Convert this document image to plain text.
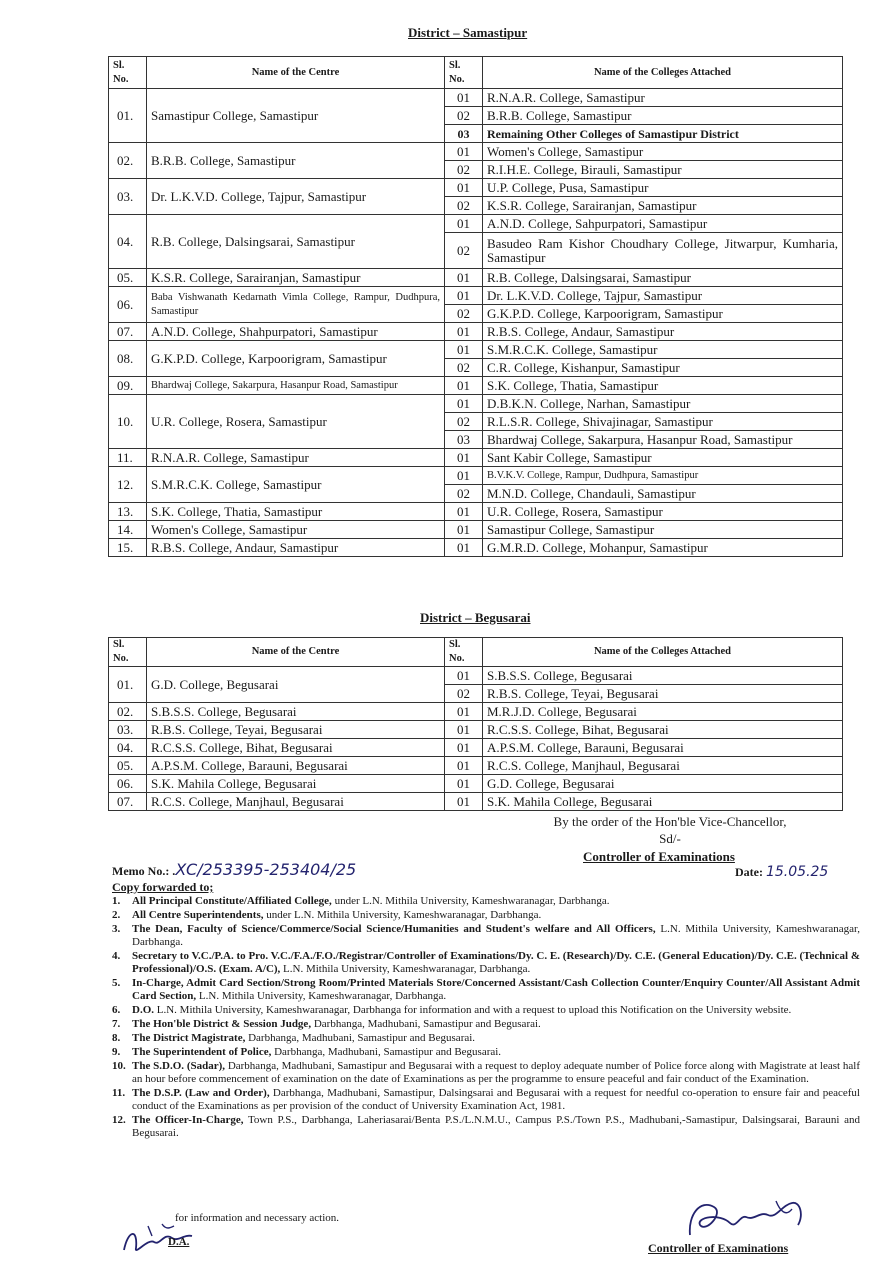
District – Samastipur
Sl. No.	Name of the Centre	Sl. No.	Name of the Colleges Attached
01.	Samastipur College, Samastipur	01	R.N.A.R. College, Samastipur
		02	B.R.B. College, Samastipur
		03	Remaining Other Colleges of Samastipur District
02.	B.R.B. College, Samastipur	01	Women's College, Samastipur
		02	R.I.H.E. College, Birauli, Samastipur
03.	Dr. L.K.V.D. College, Tajpur, Samastipur	01	U.P. College, Pusa, Samastipur
		02	K.S.R. College, Sarairanjan, Samastipur
04.	R.B. College, Dalsingsarai, Samastipur	01	A.N.D. College, Sahpurpatori, Samastipur
		02	Basudeo Ram Kishor Choudhary College, Jitwarpur, Kumharia, Samastipur
05.	K.S.R. College, Sarairanjan, Samastipur	01	R.B. College, Dalsingsarai, Samastipur
06.	Baba Vishwanath Kedarnath Vimla College, Rampur, Dudhpura, Samastipur	01	Dr. L.K.V.D. College, Tajpur, Samastipur
		02	G.K.P.D. College, Karpoorigram, Samastipur
07.	A.N.D. College, Shahpurpatori, Samastipur	01	R.B.S. College, Andaur, Samastipur
08.	G.K.P.D. College, Karpoorigram, Samastipur	01	S.M.R.C.K. College, Samastipur
		02	C.R. College, Kishanpur, Samastipur
09.	Bhardwaj College, Sakarpura, Hasanpur Road, Samastipur	01	S.K. College, Thatia, Samastipur
10.	U.R. College, Rosera, Samastipur	01	D.B.K.N. College, Narhan, Samastipur
		02	R.L.S.R. College, Shivajinagar, Samastipur
		03	Bhardwaj College, Sakarpura, Hasanpur Road, Samastipur
11.	R.N.A.R. College, Samastipur	01	Sant Kabir College, Samastipur
12.	S.M.R.C.K. College, Samastipur	01	B.V.K.V. College, Rampur, Dudhpura, Samastipur
		02	M.N.D. College, Chandauli, Samastipur
13.	S.K. College, Thatia, Samastipur	01	U.R. College, Rosera, Samastipur
14.	Women's College, Samastipur	01	Samastipur College, Samastipur
15.	R.B.S. College, Andaur, Samastipur	01	G.M.R.D. College, Mohanpur, Samastipur
District – Begusarai
Sl. No.	Name of the Centre	Sl. No.	Name of the Colleges Attached
01.	G.D. College, Begusarai	01	S.B.S.S. College, Begusarai
		02	R.B.S. College, Teyai, Begusarai
02.	S.B.S.S. College, Begusarai	01	M.R.J.D. College, Begusarai
03.	R.B.S. College, Teyai, Begusarai	01	R.C.S.S. College, Bihat, Begusarai
04.	R.C.S.S. College, Bihat, Begusarai	01	A.P.S.M. College, Barauni, Begusarai
05.	A.P.S.M. College, Barauni, Begusarai	01	R.C.S. College, Manjhaul, Begusarai
06.	S.K. Mahila College, Begusarai	01	G.D. College, Begusarai
07.	R.C.S. College, Manjhaul, Begusarai	01	S.K. Mahila College, Begusarai
By the order of the Hon'ble Vice-Chancellor,
Sd/-
Controller of Examinations
Memo No.: .XC/253395-253404/25	Date: 15.05.25
Copy forwarded to;
1. All Principal Constitute/Affiliated College, under L.N. Mithila University, Kameshwaranagar, Darbhanga.
2. All Centre Superintendents, under L.N. Mithila University, Kameshwaranagar, Darbhanga.
3. The Dean, Faculty of Science/Commerce/Social Science/Humanities and Student's welfare and All Officers, L.N. Mithila University, Kameshwaranagar, Darbhanga.
4. Secretary to V.C./P.A. to Pro. V.C./F.A./F.O./Registrar/Controller of Examinations/Dy. C. E. (Research)/Dy. C.E. (General Education)/Dy. C.E. (Technical & Professional)/O.S. (Exam. A/C), L.N. Mithila University, Kameshwaranagar, Darbhanga.
5. In-Charge, Admit Card Section/Strong Room/Printed Materials Store/Concerned Assistant/Cash Collection Counter/Enquiry Counter/All Assistant Admit Card Section, L.N. Mithila University, Kameshwaranagar, Darbhanga.
6. D.O. L.N. Mithila University, Kameshwaranagar, Darbhanga for information and with a request to upload this Notification on the University website.
7. The Hon'ble District & Session Judge, Darbhanga, Madhubani, Samastipur and Begusarai.
8. The District Magistrate, Darbhanga, Madhubani, Samastipur and Begusarai.
9. The Superintendent of Police, Darbhanga, Madhubani, Samastipur and Begusarai.
10. The S.D.O. (Sadar), Darbhanga, Madhubani, Samastipur and Begusarai with a request to deploy adequate number of Police force along with Magistrate at least half an hour before commencement of examination on the date of Examinations as per the programme to ensure peaceful and fair conduct of the Examination.
11. The D.S.P. (Law and Order), Darbhanga, Madhubani, Samastipur, Dalsingsarai and Begusarai with a request for needful co-operation to ensure fair and peaceful conduct of the Examinations as per provision of the conduct of University Examination Act, 1981.
12. The Officer-In-Charge, Town P.S., Darbhanga, Laheriasarai/Benta P.S./L.N.M.U., Campus P.S./Town P.S., Madhubani,-Samastipur, Dalsingsarai, Barauni and Begusarai.
for information and necessary action.
D.A.	Controller of Examinations
